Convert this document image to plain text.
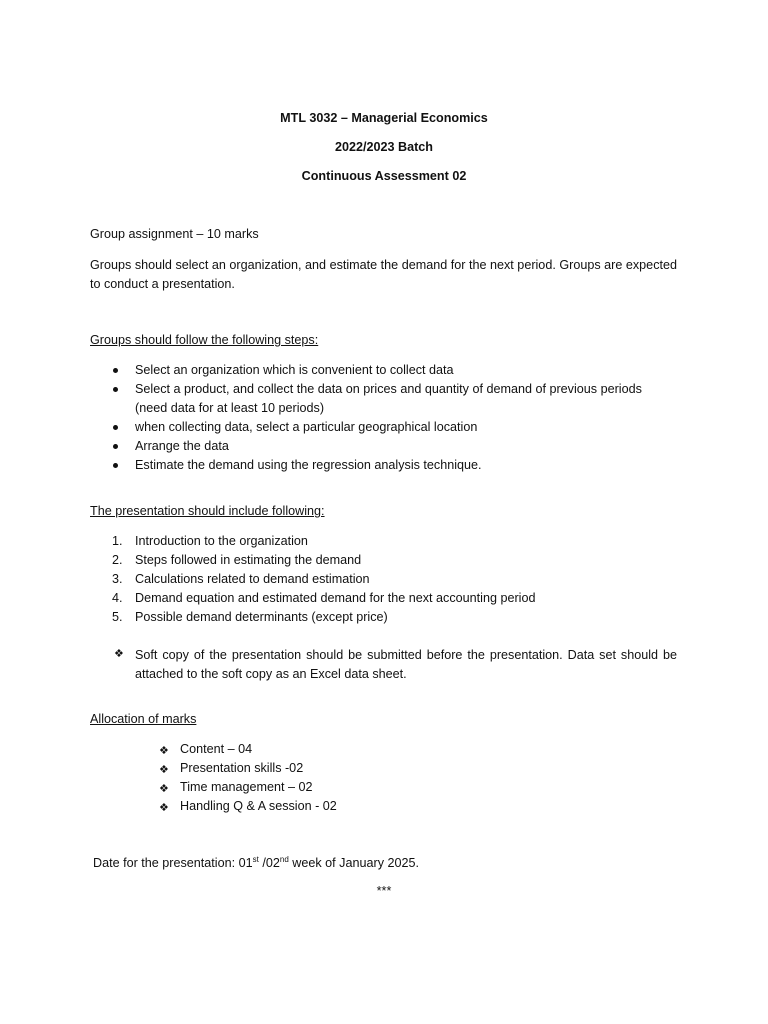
MTL 3032 – Managerial Economics
2022/2023 Batch
Continuous Assessment 02
Group assignment – 10 marks
Groups should select an organization, and estimate the demand for the next period. Groups are expected to conduct a presentation.
Groups should follow the following steps:
Select an organization which is convenient to collect data
Select a product, and collect the data on prices and quantity of demand of previous periods (need data for at least 10 periods)
when collecting data, select a particular geographical location
Arrange the data
Estimate the demand using the regression analysis technique.
The presentation should include following:
1. Introduction to the organization
2. Steps followed in estimating the demand
3. Calculations related to demand estimation
4. Demand equation and estimated demand for the next accounting period
5. Possible demand determinants (except price)
❖ Soft copy of the presentation should be submitted before the presentation. Data set should be attached to the soft copy as an Excel data sheet.
Allocation of marks
❖ Content – 04
❖ Presentation skills -02
❖ Time management – 02
❖ Handling Q & A session - 02
Date for the presentation: 01st /02nd week of January 2025.
***
